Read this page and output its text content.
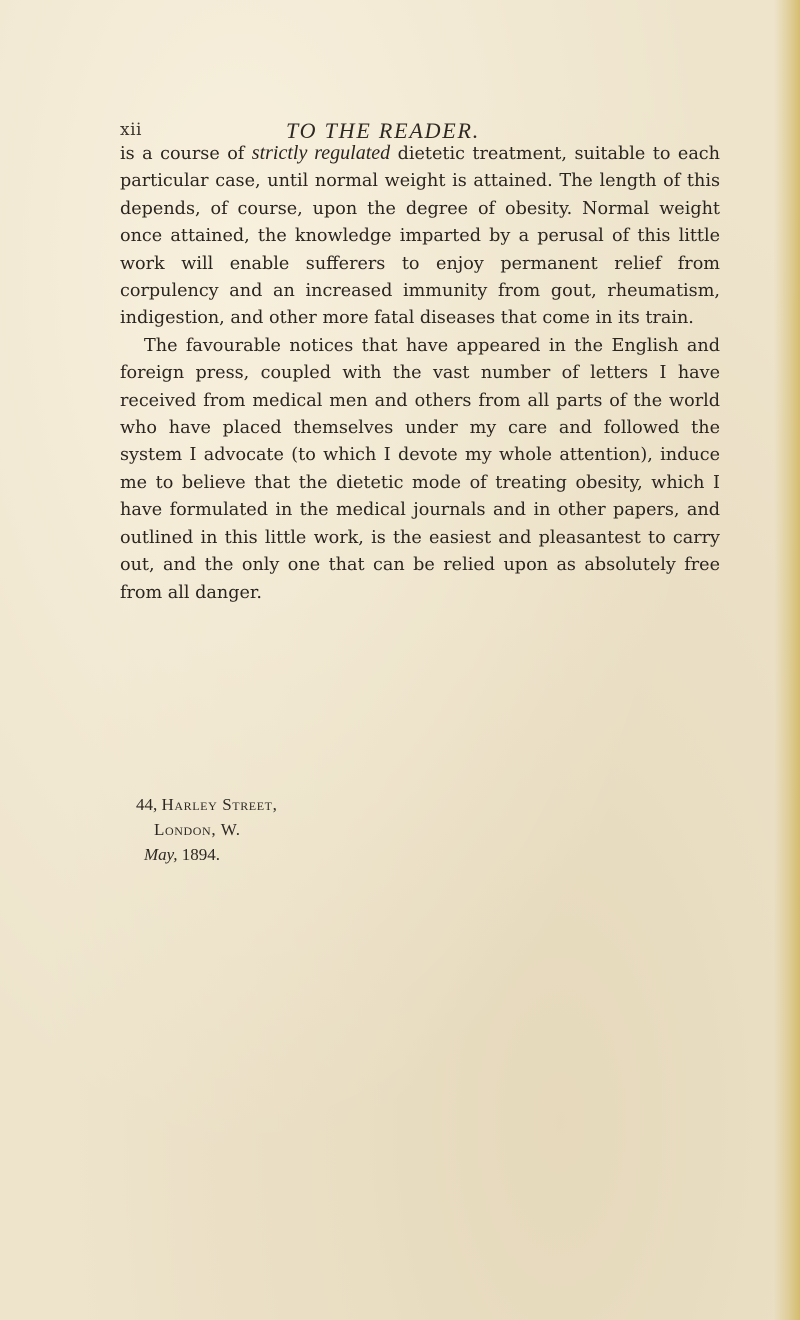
xii	TO THE READER.

is a course of strictly regulated dietetic treatment, suitable to each particular case, until normal weight is attained. The length of this depends, of course, upon the degree of obesity. Normal weight once attained, the knowledge imparted by a perusal of this little work will enable sufferers to enjoy permanent relief from corpulency and an increased immunity from gout, rheumatism, indigestion, and other more fatal diseases that come in its train.

The favourable notices that have appeared in the English and foreign press, coupled with the vast number of letters I have received from medical men and others from all parts of the world who have placed themselves under my care and followed the system I advocate (to which I devote my whole attention), induce me to believe that the dietetic mode of treating obesity, which I have formulated in the medical journals and in other papers, and outlined in this little work, is the easiest and pleasantest to carry out, and the only one that can be relied upon as absolutely free from all danger.

44, Harley Street,
London, W.
May, 1894.
